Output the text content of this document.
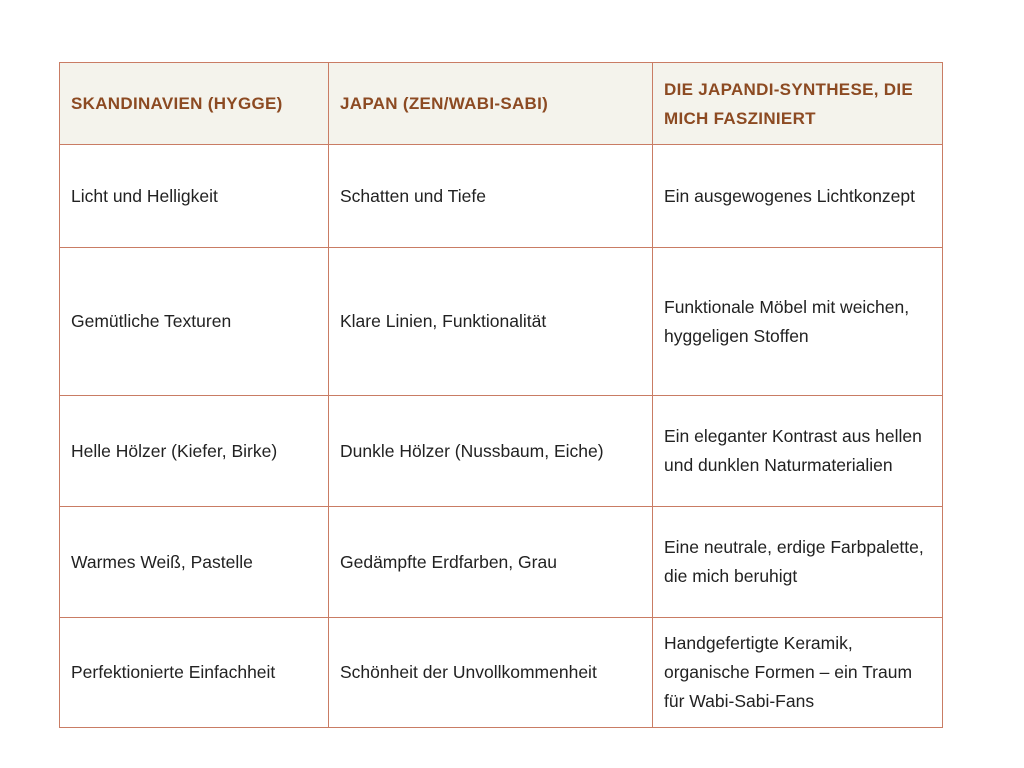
SKANDINAVIEN (HYGGE)	JAPAN (ZEN/WABI-SABI)	DIE JAPANDI-SYNTHESE, DIE MICH FASZINIERT
Licht und Helligkeit	Schatten und Tiefe	Ein ausgewogenes Lichtkonzept
Gemütliche Texturen	Klare Linien, Funktionalität	Funktionale Möbel mit weichen, hyggeligen Stoffen
Helle Hölzer (Kiefer, Birke)	Dunkle Hölzer (Nussbaum, Eiche)	Ein eleganter Kontrast aus hellen und dunklen Naturmaterialien
Warmes Weiß, Pastelle	Gedämpfte Erdfarben, Grau	Eine neutrale, erdige Farbpalette, die mich beruhigt
Perfektionierte Einfachheit	Schönheit der Unvollkommenheit	Handgefertigte Keramik, organische Formen – ein Traum für Wabi-Sabi-Fans
